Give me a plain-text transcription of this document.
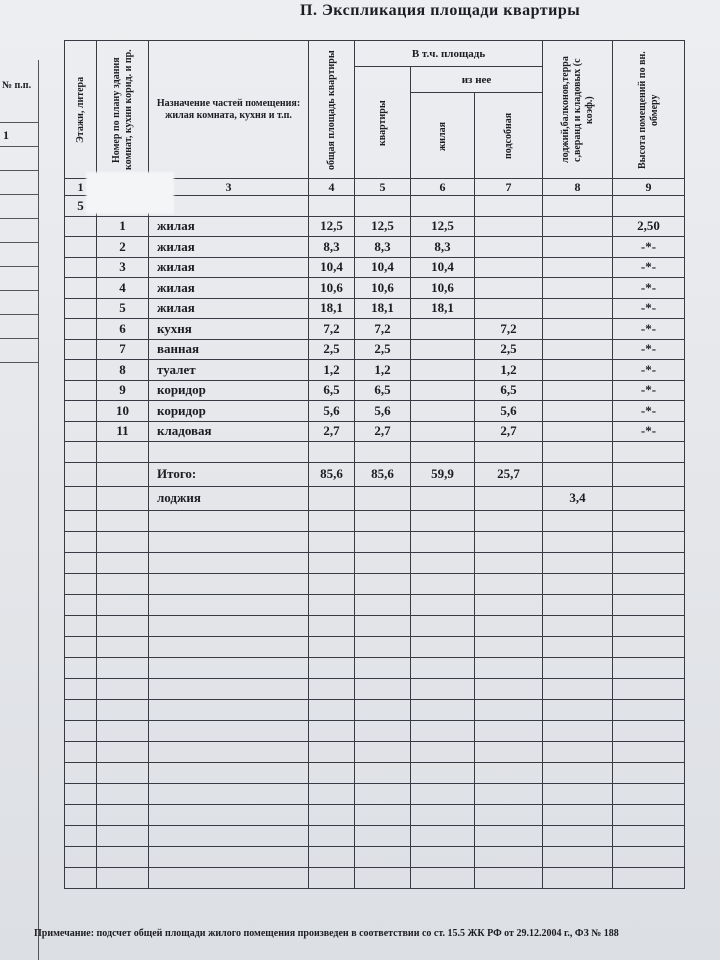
№ п.п.
1
П. Экспликация площади квартиры
Этажи, литера	Номер по плану здания комнат, кухни корид. и пр.	Назначение частей помещения: жилая комната, кухня и т.п.	общая площадь квартиры	В т.ч. площадь			лоджий,балконов,терра с,веранд и кладовых (с коэф.)	Высота помещений по вн. обмеру

				квартиры	из нее			

					жилая	подсобная		

1		3	4	5	6	7	8	9
5								
	1	жилая	12,5	12,5	12,5			2,50
	2	жилая	8,3	8,3	8,3			-*-
	3	жилая	10,4	10,4	10,4			-*-
	4	жилая	10,6	10,6	10,6			-*-
	5	жилая	18,1	18,1	18,1			-*-
	6	кухня	7,2	7,2		7,2		-*-
	7	ванная	2,5	2,5		2,5		-*-
	8	туалет	1,2	1,2		1,2		-*-
	9	коридор	6,5	6,5		6,5		-*-
	10	коридор	5,6	5,6		5,6		-*-
	11	кладовая	2,7	2,7		2,7		-*-

		Итого:	85,6	85,6	59,9	25,7		
		лоджия					3,4	

Примечание: подсчет общей площади жилого помещения произведен в соответствии со ст. 15.5 ЖК РФ от 29.12.2004 г., ФЗ № 188
